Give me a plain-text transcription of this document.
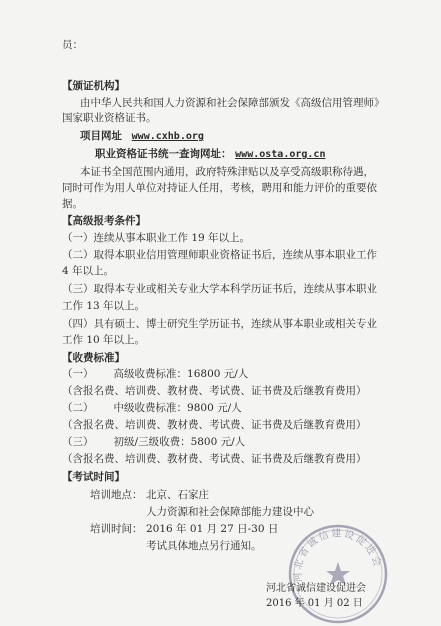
员：
【颁证机构】
由中华人民共和国人力资源和社会保障部颁发《高级信用管理师》
国家职业资格证书。
项目网址 www.cxhb.org
职业资格证书统一查询网址： www.osta.org.cn
本证书全国范围内通用，政府特殊津贴以及享受高级职称待遇，
同时可作为用人单位对持证人任用，考核，聘用和能力评价的重要依
据。
【高级报考条件】
（一）连续从事本职业工作 19 年以上。
（二）取得本职业信用管理师职业资格证书后，连续从事本职业工作
4 年以上。
（三）取得本专业或相关专业大学本科学历证书后，连续从事本职业
工作 13 年以上。
（四）具有硕士、博士研究生学历证书，连续从事本职业或相关专业
工作 10 年以上。
【收费标准】
（一）      高级收费标准：16800 元/人
（含报名费、培训费、教材费、考试费、证书费及后继教育费用）
（二）      中级收费标准：9800 元/人
（含报名费、培训费、教材费、考试费、证书费及后继教育费用）
（三）      初级/三级收费：5800 元/人
（含报名费、培训费、教材费、考试费、证书费及后继教育费用）
【考试时间】
培训地点： 北京、石家庄
人力资源和社会保障部能力建设中心
培训时间： 2016 年 01 月 27 日-30 日
考试具体地点另行通知。
河北省诚信建设促进会
河北省诚信建设促进会
2016 年 01 月 02 日
